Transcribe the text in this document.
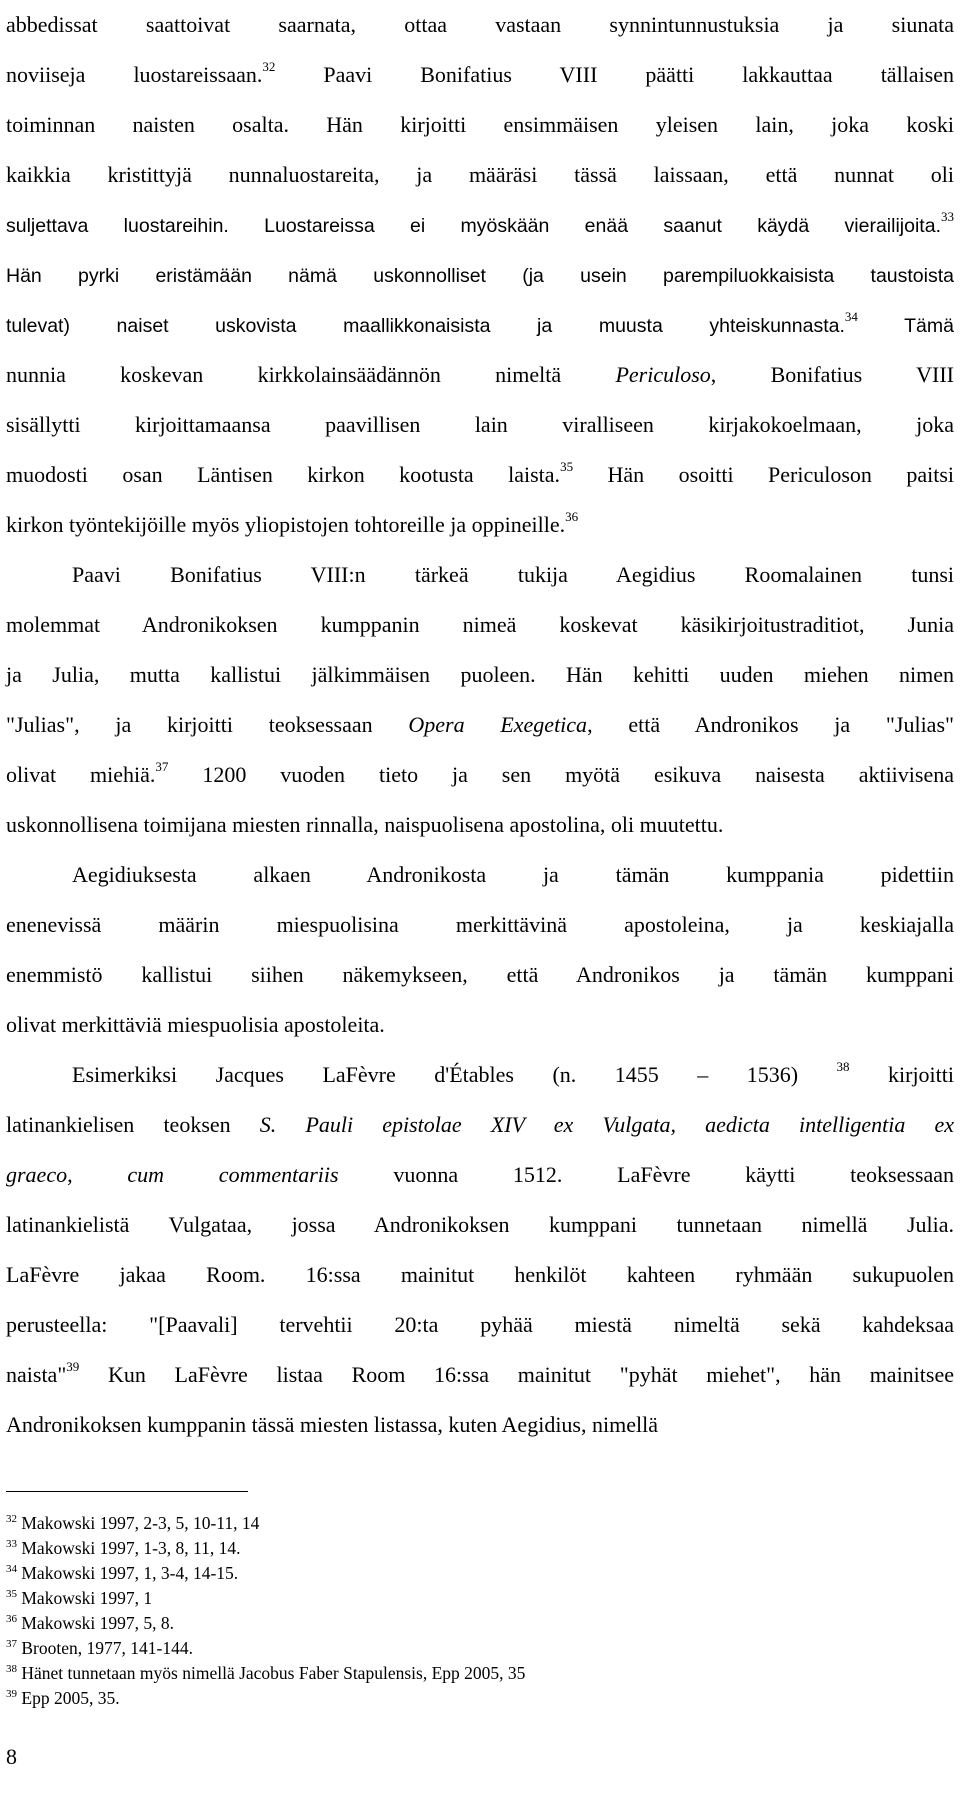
abbedissat saattoivat saarnata, ottaa vastaan synnintunnustuksia ja siunata
noviiseja luostareissaan.$^{32}$ Paavi Bonifatius VIII päätti lakkauttaa tällaisen
toiminnan naisten osalta. Hän kirjoitti ensimmäisen yleisen lain, joka koski
kaikkia kristittyjä nunnaluostareita, ja määräsi tässä laissaan, että nunnat oli
suljettava luostareihin. Luostareissa ei myöskään enää saanut käydä vierailijoita.$^{33}$
Hän pyrki eristämään nämä uskonnolliset (ja usein parempiluokkaisista taustoista
tulevat) naiset uskovista maallikkonaisista ja muusta yhteiskunnasta.$^{34}$ Tämä
nunnia koskevan kirkkolainsäädännön nimeltä Periculoso, Bonifatius VIII
sisällytti kirjoittamaansa paavillisen lain viralliseen kirjakokoelmaan, joka
muodosti osan Läntisen kirkon kootusta laista.$^{35}$ Hän osoitti Periculoson paitsi
kirkon työntekijöille myös yliopistojen tohtoreille ja oppineille.$^{36}$
Paavi Bonifatius VIII:n tärkeä tukija Aegidius Roomalainen tunsi
molemmat Andronikoksen kumppanin nimeä koskevat käsikirjoitustraditiot, Junia
ja Julia, mutta kallistui jälkimmäisen puoleen. Hän kehitti uuden miehen nimen
"Julias", ja kirjoitti teoksessaan Opera Exegetica, että Andronikos ja "Julias"
olivat miehiä.$^{37}$ 1200 vuoden tieto ja sen myötä esikuva naisesta aktiivisena
uskonnollisena toimijana miesten rinnalla, naispuolisena apostolina, oli muutettu.
Aegidiuksesta alkaen Andronikosta ja tämän kumppania pidettiin
enenevissä määrin miespuolisina merkittävinä apostoleina, ja keskiajalla
enemmistö kallistui siihen näkemykseen, että Andronikos ja tämän kumppani
olivat merkittäviä miespuolisia apostoleita.
Esimerkiksi Jacques LaFèvre d'Étables (n. 1455 – 1536) $^{38}$ kirjoitti
latinankielisen teoksen S. Pauli epistolae XIV ex Vulgata, aedicta intelligentia ex
graeco, cum commentariis vuonna 1512. LaFèvre käytti teoksessaan
latinankielistä Vulgataa, jossa Andronikoksen kumppani tunnetaan nimellä Julia.
LaFèvre jakaa Room. 16:ssa mainitut henkilöt kahteen ryhmään sukupuolen
perusteella: "[Paavali] tervehtii 20:ta pyhää miestä nimeltä sekä kahdeksaa
naista"$^{39}$ Kun LaFèvre listaa Room 16:ssa mainitut "pyhät miehet", hän mainitsee
Andronikoksen kumppanin tässä miesten listassa, kuten Aegidius, nimellä
$^{32}$ Makowski 1997, 2-3, 5, 10-11, 14
$^{33}$ Makowski 1997, 1-3, 8, 11, 14.
$^{34}$ Makowski 1997, 1, 3-4, 14-15.
$^{35}$ Makowski 1997, 1
$^{36}$ Makowski 1997, 5, 8.
$^{37}$ Brooten, 1977, 141-144.
$^{38}$ Hänet tunnetaan myös nimellä Jacobus Faber Stapulensis, Epp 2005, 35
$^{39}$ Epp 2005, 35.
8
